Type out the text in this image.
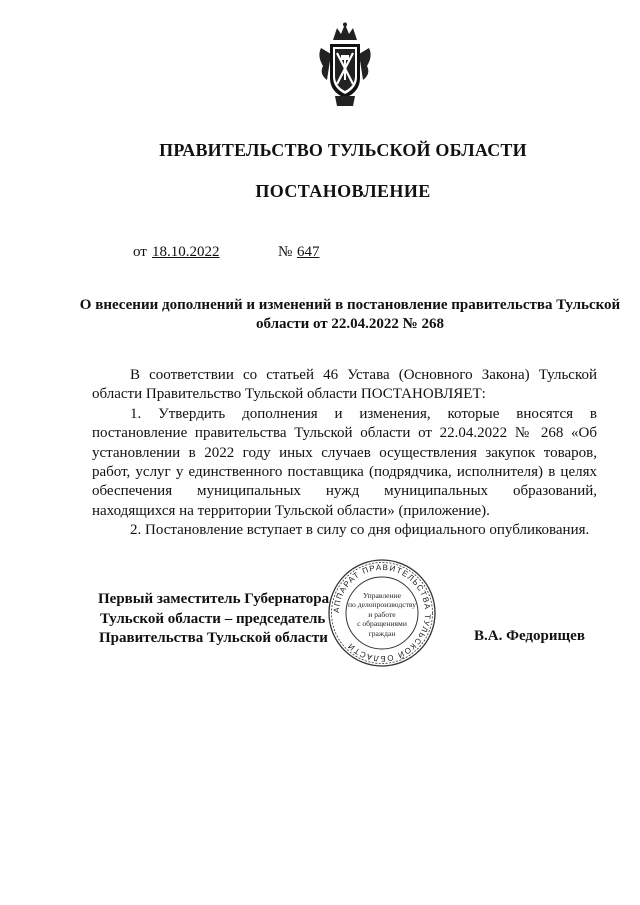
ПРАВИТЕЛЬСТВО ТУЛЬСКОЙ ОБЛАСТИ
ПОСТАНОВЛЕНИЕ
от 18.10.2022	№ 647
О внесении дополнений и изменений в постановление правительства Тульской области от 22.04.2022 № 268

В соответствии со статьей 46 Устава (Основного Закона) Тульской области Правительство Тульской области ПОСТАНОВЛЯЕТ:

1. Утвердить дополнения и изменения, которые вносятся в постановление правительства Тульской области от 22.04.2022 № 268 «Об установлении в 2022 году иных случаев осуществления закупок товаров, работ, услуг у единственного поставщика (подрядчика, исполнителя) в целях обеспечения муниципальных нужд муниципальных образований, находящихся на территории Тульской области» (приложение).

2. Постановление вступает в силу со дня официального опубликования.

Первый заместитель Губернатора
Тульской области – председатель
Правительства Тульской области
АППАРАТ ПРАВИТЕЛЬСТВА ТУЛЬСКОЙ ОБЛАСТИ
Управление
по делопроизводству
и работе
с обращениями
граждан	В.А. Федорищев
